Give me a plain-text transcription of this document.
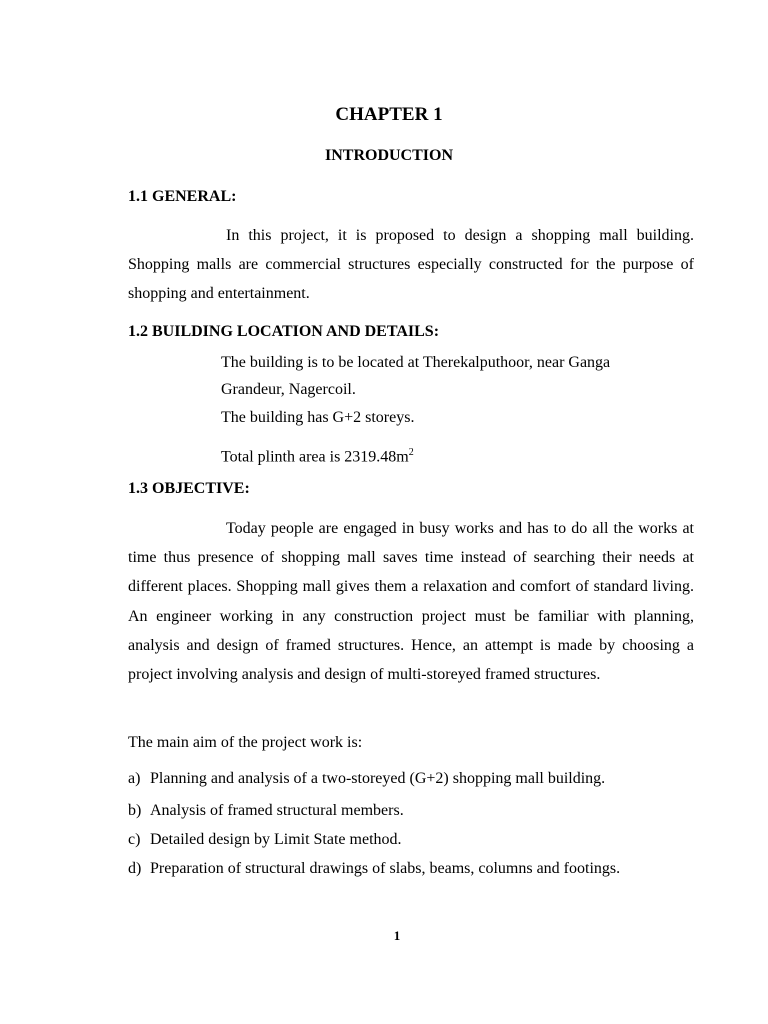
CHAPTER 1
INTRODUCTION
1.1 GENERAL:

In this project, it is proposed to design a shopping mall building. Shopping malls are commercial structures especially constructed for the purpose of shopping and entertainment.

1.2 BUILDING LOCATION AND DETAILS:

The building is to be located at Therekalputhoor, near Ganga

Grandeur, Nagercoil.

The building has G+2 storeys.

Total plinth area is $2319.48m^2$

1.3 OBJECTIVE:

Today people are engaged in busy works and has to do all the works at time thus presence of shopping mall saves time instead of searching their needs at different places. Shopping mall gives them a relaxation and comfort of standard living. An engineer working in any construction project must be familiar with planning, analysis and design of framed structures. Hence, an attempt is made by choosing a project involving analysis and design of multi-storeyed framed structures.

The main aim of the project work is:

a) Planning and analysis of a two-storeyed (G+2) shopping mall building.

b) Analysis of framed structural members.

c) Detailed design by Limit State method.

d) Preparation of structural drawings of slabs, beams, columns and footings.

1
